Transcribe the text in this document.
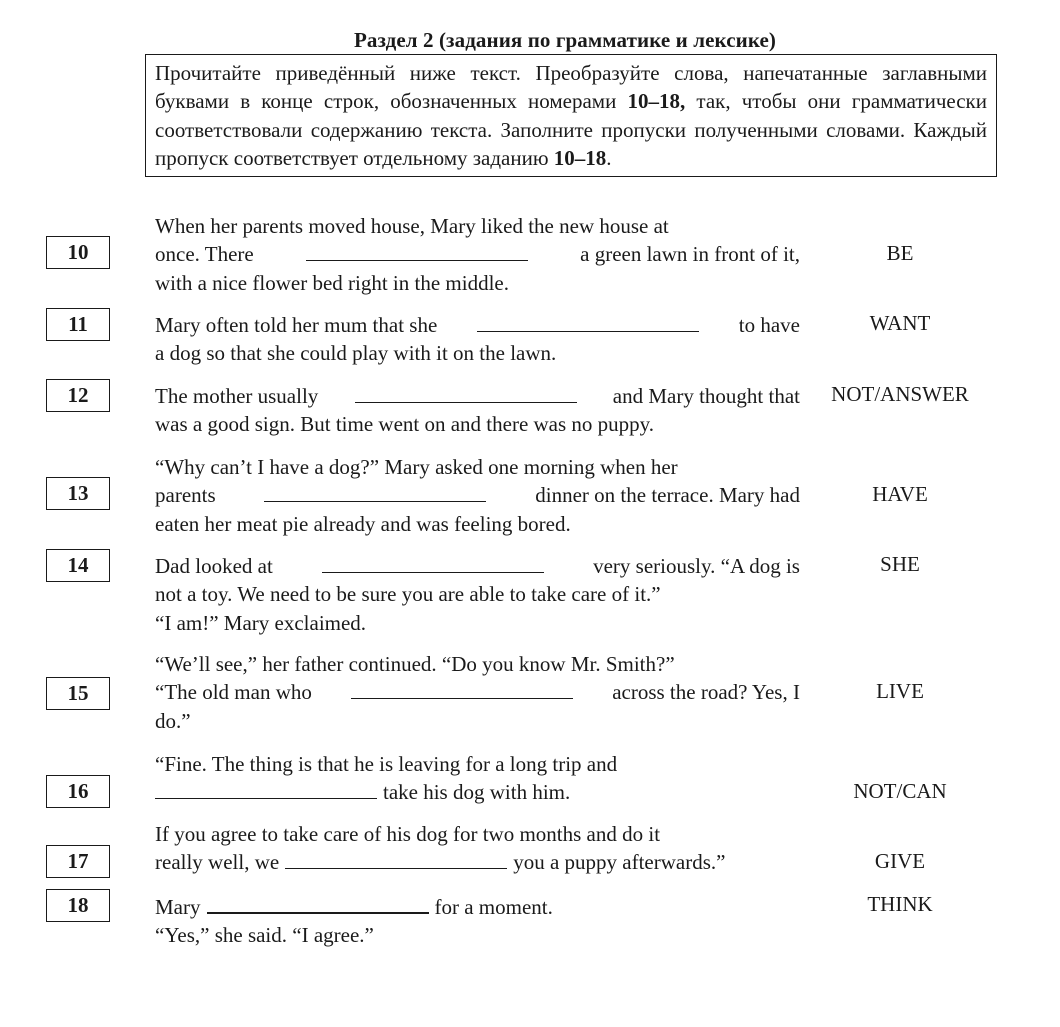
Раздел 2 (задания по грамматике и лексике)
Прочитайте приведённый ниже текст. Преобразуйте слова, напечатанные заглавными буквами в конце строк, обозначенных номерами 10–18, так, чтобы они грамматически соответствовали содержанию текста. Заполните пропуски полученными словами. Каждый пропуск соответствует отдельному заданию 10–18.
10
When her parents moved house, Mary liked the new house at
once. There	a green lawn in front of it,
with a nice flower bed right in the middle.
BE
11	Mary often told her mum that she	to have
a dog so that she could play with it on the lawn.
WANT
12	The mother usually	and Mary thought that
was a good sign. But time went on and there was no puppy.
NOT/ANSWER
13
“Why can’t I have a dog?” Mary asked one morning when her
parents	dinner on the terrace. Mary had
eaten her meat pie already and was feeling bored.
HAVE
14	Dad looked at	very seriously. “A dog is
not a toy. We need to be sure you are able to take care of it.”
“I am!” Mary exclaimed.
SHE
15
“We’ll see,” her father continued. “Do you know Mr. Smith?”
“The old man who	across the road? Yes, I
do.”
LIVE
16
“Fine. The thing is that he is leaving for a long trip and
take his dog with him.	NOT/CAN
17
If you agree to take care of his dog for two months and do it
really well, we	you a puppy afterwards.”	GIVE
18	Mary	for a moment.
“Yes,” she said. “I agree.”
THINK
